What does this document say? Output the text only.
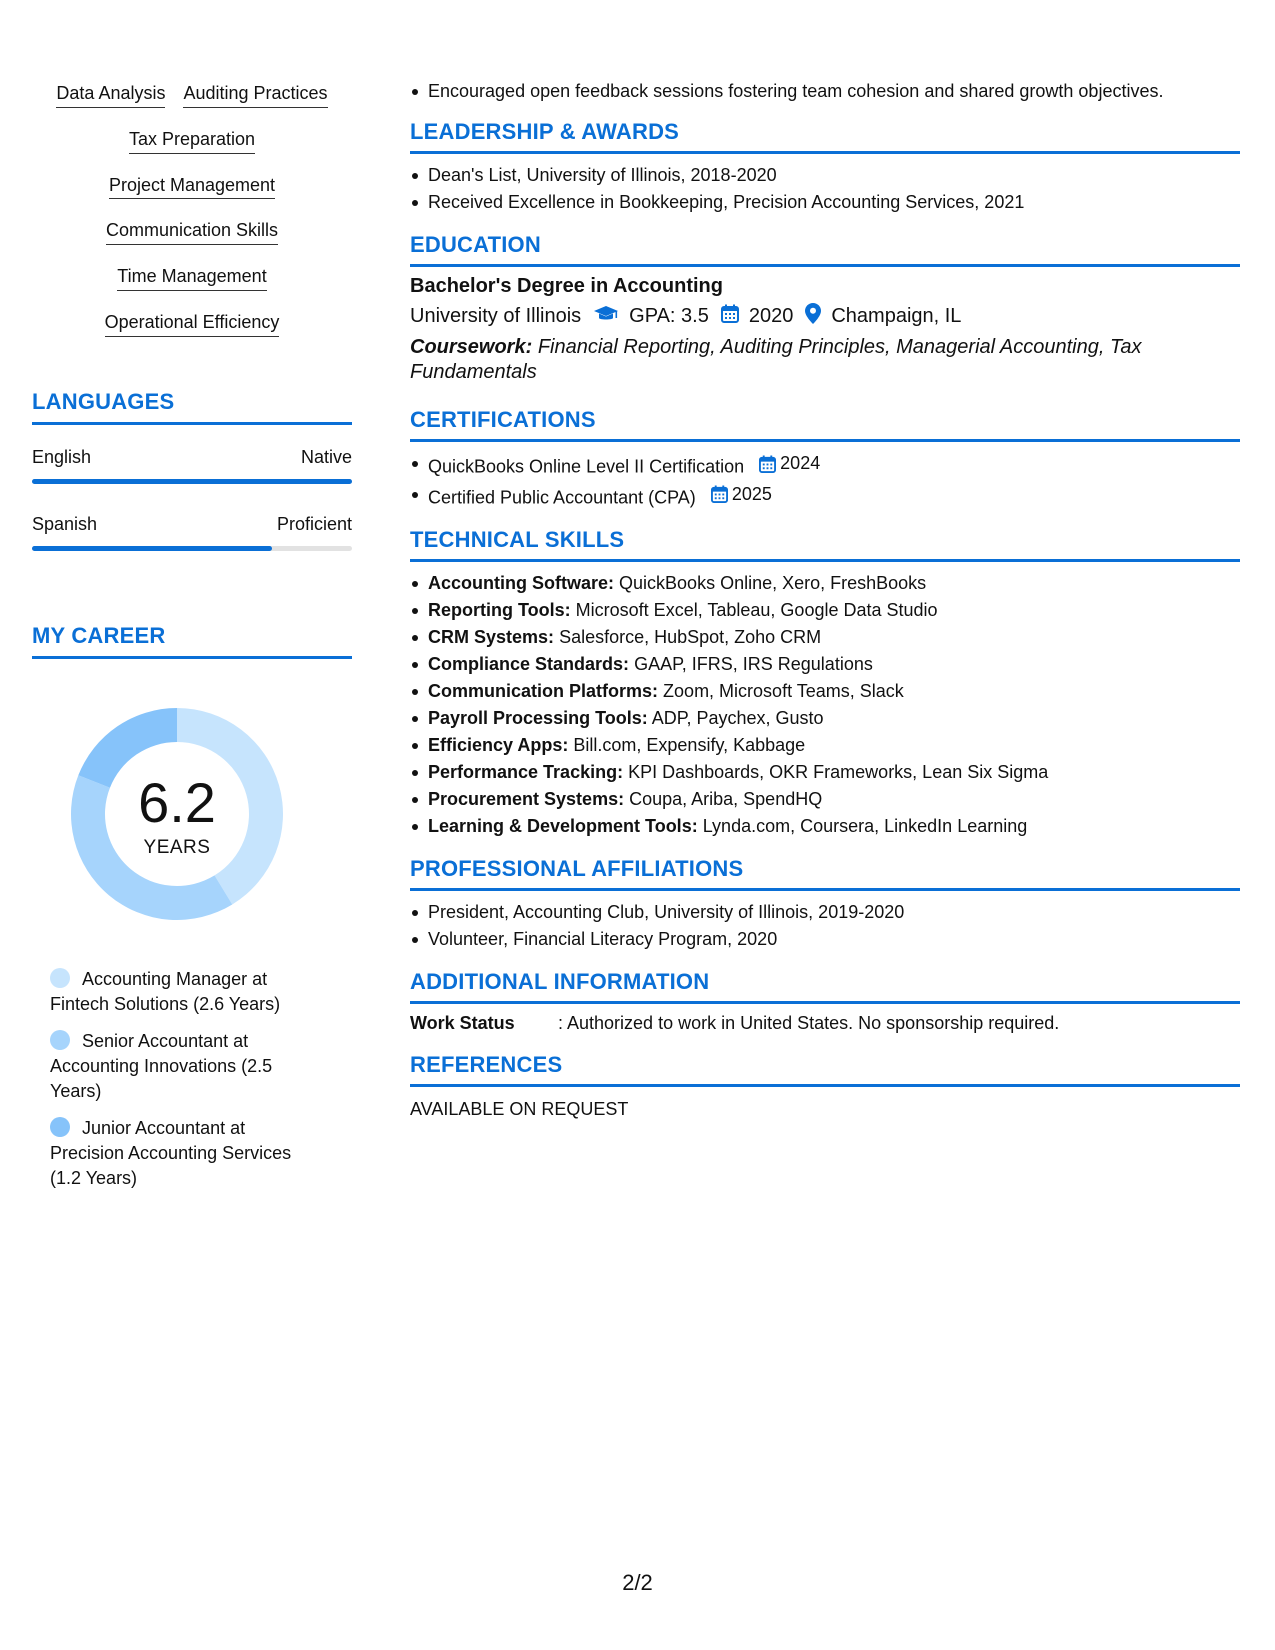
Data Analysis Auditing Practices
Tax Preparation
Project Management
Communication Skills
Time Management
Operational Efficiency
LANGUAGES
English	Native
Spanish	Proficient
MY CAREER
6.2
YEARS
Accounting Manager at Fintech Solutions (2.6 Years)
Senior Accountant at Accounting Innovations (2.5 Years)
Junior Accountant at Precision Accounting Services (1.2 Years)
Encouraged open feedback sessions fostering team cohesion and shared growth objectives.
LEADERSHIP & AWARDS
Dean's List, University of Illinois, 2018-2020
Received Excellence in Bookkeeping, Precision Accounting Services, 2021
EDUCATION
Bachelor's Degree in Accounting
University of Illinois GPA: 3.5 2020 Champaign, IL
Coursework: Financial Reporting, Auditing Principles, Managerial Accounting, Tax Fundamentals
CERTIFICATIONS
QuickBooks Online Level II Certification 2024
Certified Public Accountant (CPA) 2025
TECHNICAL SKILLS
Accounting Software: QuickBooks Online, Xero, FreshBooks
Reporting Tools: Microsoft Excel, Tableau, Google Data Studio
CRM Systems: Salesforce, HubSpot, Zoho CRM
Compliance Standards: GAAP, IFRS, IRS Regulations
Communication Platforms: Zoom, Microsoft Teams, Slack
Payroll Processing Tools: ADP, Paychex, Gusto
Efficiency Apps: Bill.com, Expensify, Kabbage
Performance Tracking: KPI Dashboards, OKR Frameworks, Lean Six Sigma
Procurement Systems: Coupa, Ariba, SpendHQ
Learning & Development Tools: Lynda.com, Coursera, LinkedIn Learning
PROFESSIONAL AFFILIATIONS
President, Accounting Club, University of Illinois, 2019-2020
Volunteer, Financial Literacy Program, 2020
ADDITIONAL INFORMATION
Work Status	: Authorized to work in United States. No sponsorship required.
REFERENCES
AVAILABLE ON REQUEST
2/2
